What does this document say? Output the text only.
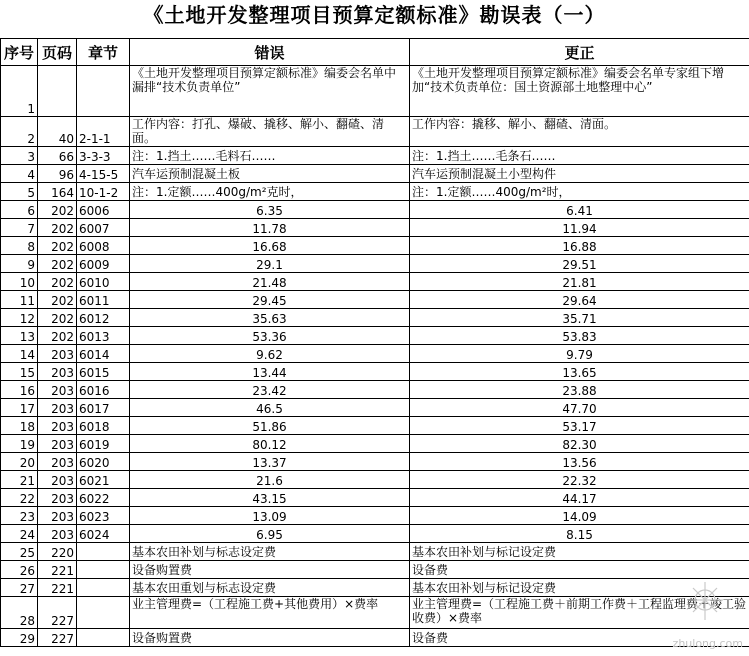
《土地开发整理项目预算定额标准》勘误表（一）
序号	页码	章节	错误	更正
1			《土地开发整理项目预算定额标准》编委会名单中漏排“技术负责单位”	《土地开发整理项目预算定额标准》编委会名单专家组下增加“技术负责单位：国土资源部土地整理中心”
2	40	2-1-1	工作内容：打孔、爆破、撬移、解小、翻碴、清面。	工作内容：撬移、解小、翻碴、清面。
3	66	3-3-3	注：1.挡土……毛料石……	注：1.挡土……毛条石……
4	96	4-15-5	汽车运预制混凝土板	汽车运预制混凝土小型构件
5	164	10-1-2	注：1.定额……400g/m²克时，	注：1.定额……400g/m²时，
6	202	6006	6.35	6.41
7	202	6007	11.78	11.94
8	202	6008	16.68	16.88
9	202	6009	29.1	29.51
10	202	6010	21.48	21.81
11	202	6011	29.45	29.64
12	202	6012	35.63	35.71
13	202	6013	53.36	53.83
14	203	6014	9.62	9.79
15	203	6015	13.44	13.65
16	203	6016	23.42	23.88
17	203	6017	46.5	47.70
18	203	6018	51.86	53.17
19	203	6019	80.12	82.30
20	203	6020	13.37	13.56
21	203	6021	21.6	22.32
22	203	6022	43.15	44.17
23	203	6023	13.09	14.09
24	203	6024	6.95	8.15
25	220		基本农田补划与标志设定费	基本农田补划与标记设定费
26	221		设备购置费	设备费
27	221		基本农田重划与标志设定费	基本农田补划与标记设定费
28	227		业主管理费=（工程施工费+其他费用）×费率	业主管理费=（工程施工费＋前期工作费＋工程监理费＋竣工验收费）×费率
29	227		设备购置费	设备费	zhulong.com
